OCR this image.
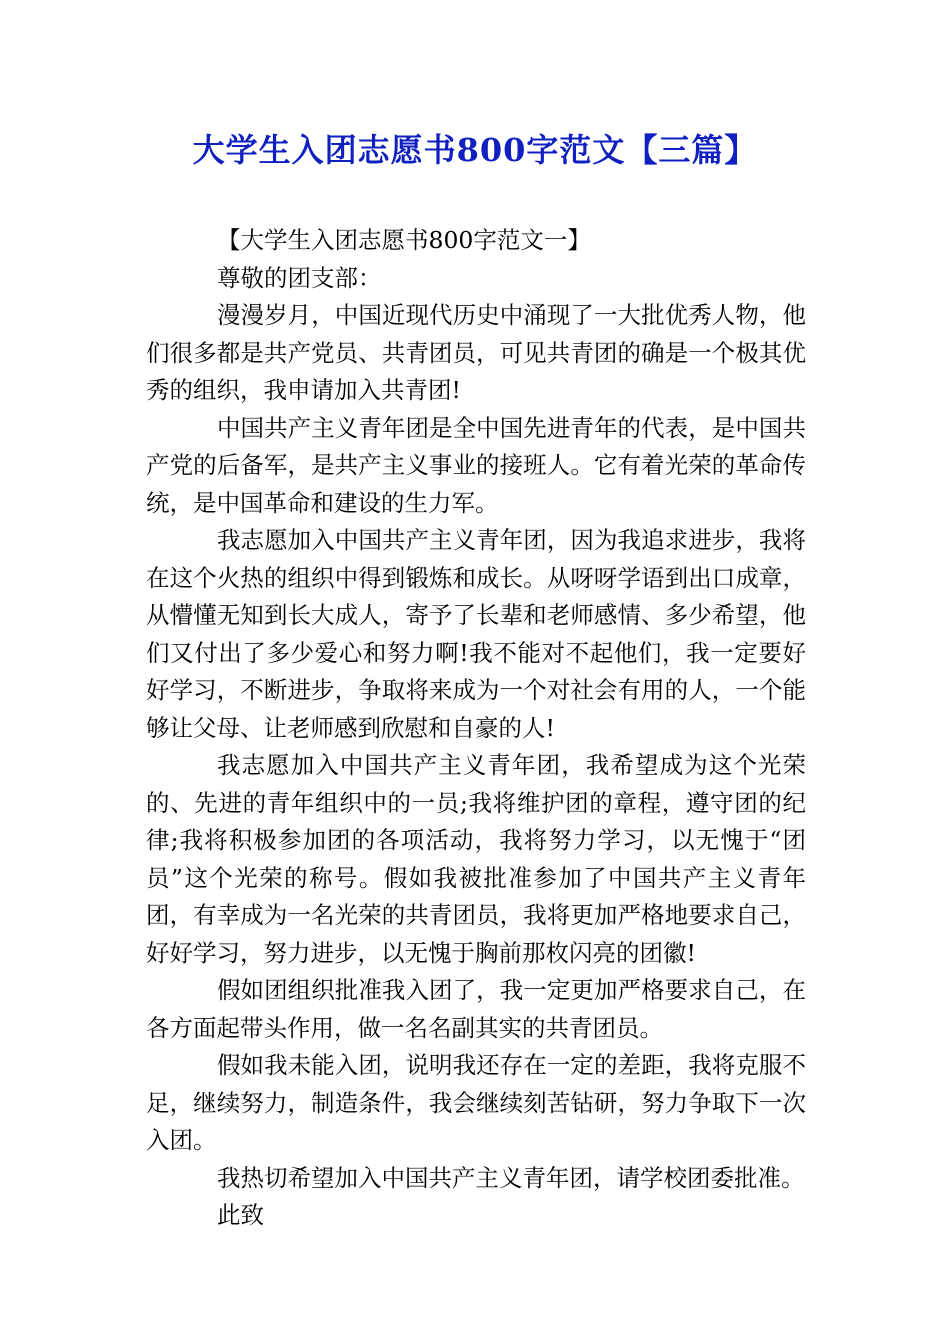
大学生入团志愿书800字范文【三篇】

【大学生入团志愿书800字范文一】

尊敬的团支部：

漫漫岁月，中国近现代历史中涌现了一大批优秀人物，他们很多都是共产党员、共青团员，可见共青团的确是一个极其优秀的组织，我申请加入共青团!

中国共产主义青年团是全中国先进青年的代表，是中国共产党的后备军，是共产主义事业的接班人。它有着光荣的革命传统，是中国革命和建设的生力军。

我志愿加入中国共产主义青年团，因为我追求进步，我将在这个火热的组织中得到锻炼和成长。从呀呀学语到出口成章，从懵懂无知到长大成人，寄予了长辈和老师感情、多少希望，他们又付出了多少爱心和努力啊!我不能对不起他们，我一定要好好学习，不断进步，争取将来成为一个对社会有用的人，一个能够让父母、让老师感到欣慰和自豪的人!

我志愿加入中国共产主义青年团，我希望成为这个光荣的、先进的青年组织中的一员;我将维护团的章程，遵守团的纪律;我将积极参加团的各项活动，我将努力学习，以无愧于“团员”这个光荣的称号。假如我被批准参加了中国共产主义青年团，有幸成为一名光荣的共青团员，我将更加严格地要求自己，好好学习，努力进步，以无愧于胸前那枚闪亮的团徽!

假如团组织批准我入团了，我一定更加严格要求自己，在各方面起带头作用，做一名名副其实的共青团员。

假如我未能入团，说明我还存在一定的差距，我将克服不足，继续努力，制造条件，我会继续刻苦钻研，努力争取下一次入团。

我热切希望加入中国共产主义青年团，请学校团委批准。

此致
